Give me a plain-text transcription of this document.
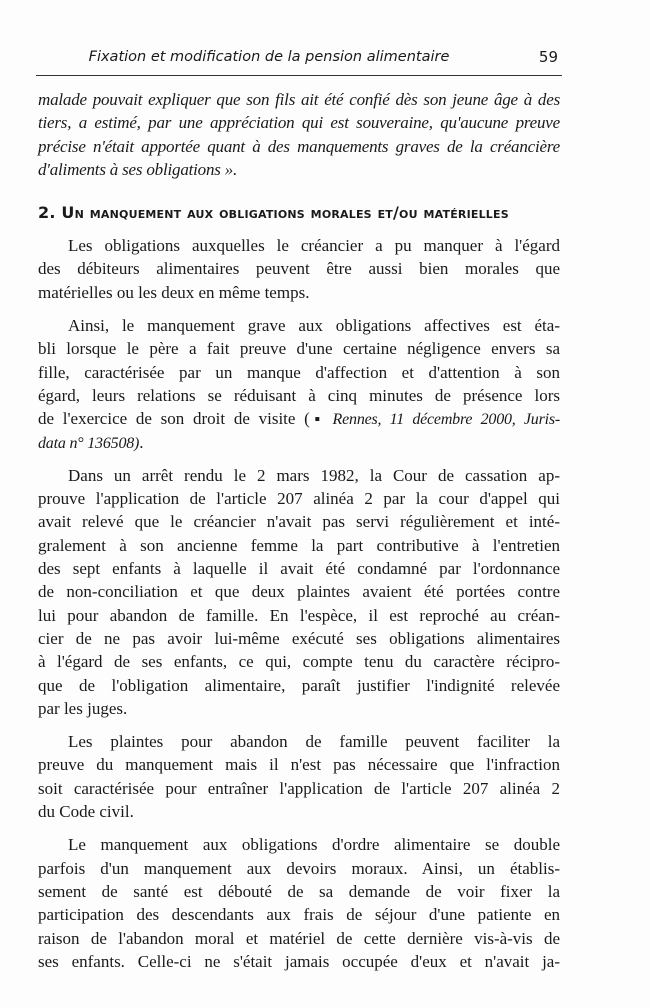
Fixation et modification de la pension alimentaire	59
malade pouvait expliquer que son fils ait été confié dès son jeune âge à des
tiers, a estimé, par une appréciation qui est souveraine, qu'aucune preuve
précise n'était apportée quant à des manquements graves de la créancière
d'aliments à ses obligations ».
2. Un manquement aux obligations morales et/ou matérielles
Les obligations auxquelles le créancier a pu manquer à l'égard
des débiteurs alimentaires peuvent être aussi bien morales que
matérielles ou les deux en même temps.
Ainsi, le manquement grave aux obligations affectives est éta-
bli lorsque le père a fait preuve d'une certaine négligence envers sa
fille, caractérisée par un manque d'affection et d'attention à son
égard, leurs relations se réduisant à cinq minutes de présence lors
de l'exercice de son droit de visite (▪ Rennes, 11 décembre 2000, Juris-
data n° 136508).
Dans un arrêt rendu le 2 mars 1982, la Cour de cassation ap-
prouve l'application de l'article 207 alinéa 2 par la cour d'appel qui
avait relevé que le créancier n'avait pas servi régulièrement et inté-
gralement à son ancienne femme la part contributive à l'entretien
des sept enfants à laquelle il avait été condamné par l'ordonnance
de non-conciliation et que deux plaintes avaient été portées contre
lui pour abandon de famille. En l'espèce, il est reproché au créan-
cier de ne pas avoir lui-même exécuté ses obligations alimentaires
à l'égard de ses enfants, ce qui, compte tenu du caractère récipro-
que de l'obligation alimentaire, paraît justifier l'indignité relevée
par les juges.
Les plaintes pour abandon de famille peuvent faciliter la
preuve du manquement mais il n'est pas nécessaire que l'infraction
soit caractérisée pour entraîner l'application de l'article 207 alinéa 2
du Code civil.
Le manquement aux obligations d'ordre alimentaire se double
parfois d'un manquement aux devoirs moraux. Ainsi, un établis-
sement de santé est débouté de sa demande de voir fixer la
participation des descendants aux frais de séjour d'une patiente en
raison de l'abandon moral et matériel de cette dernière vis-à-vis de
ses enfants. Celle-ci ne s'était jamais occupée d'eux et n'avait ja-
